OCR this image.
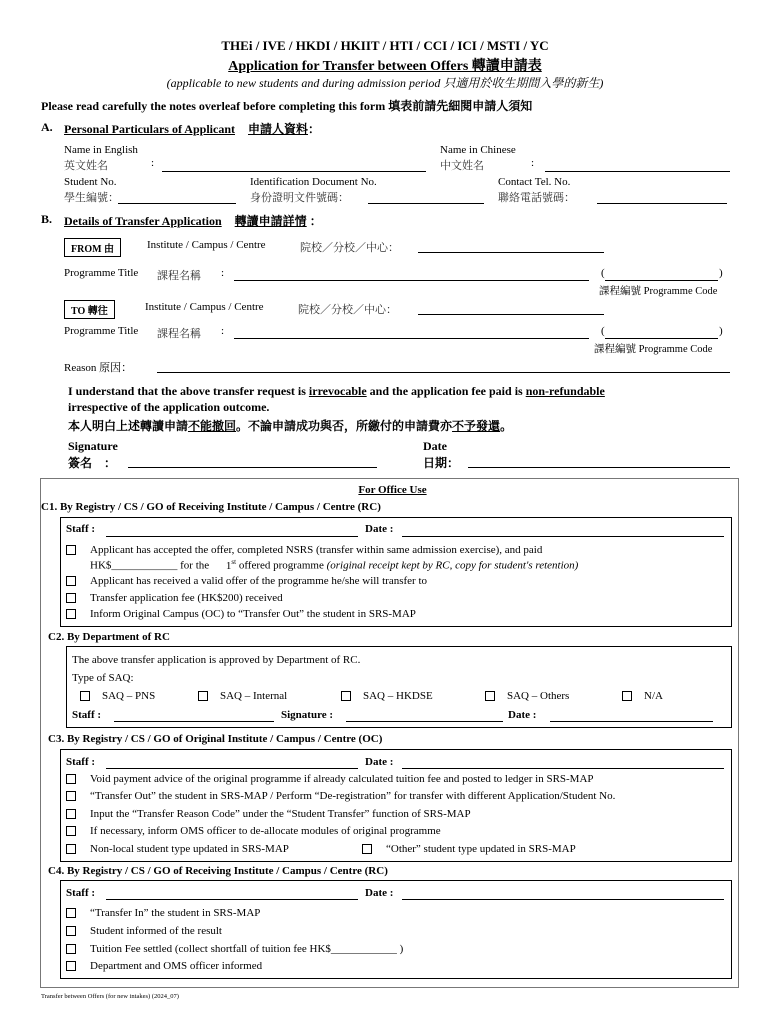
THEi / IVE / HKDI / HKIIT / HTI / CCI / ICI / MSTI / YC
Application for Transfer between Offers 轉讀申請表
(applicable to new students and during admission period 只適用於收生期間入學的新生)
Please read carefully the notes overleaf before completing this form 填表前請先細閱申請人須知
A. Personal Particulars of Applicant 申請人資料：
Name in English
英文姓名	:
Name in Chinese
中文姓名	:
Student No.
學生編號：
Identification Document No.
身份證明文件號碼：
Contact Tel. No.
聯絡電話號碼：
B. Details of Transfer Application 轉讀申請詳情 ：
FROM 由	Institute / Campus / Centre	院校／分校／中心：
Programme Title 課程名稱 :	(	)
課程編號 Programme Code
TO 轉往	Institute / Campus / Centre	院校／分校／中心：
Programme Title 課程名稱 :	(	)
課程編號 Programme Code
Reason 原因：
I understand that the above transfer request is irrevocable and the application fee paid is non-refundable
irrespective of the application outcome.
本人明白上述轉讀申請不能撤回。不論申請成功與否，所繳付的申請費亦不予發還。
Signature
簽名　：
Date
日期：
For Office Use
C1. By Registry / CS / GO of Receiving Institute / Campus / Centre (RC)
Staff :	Date :
Applicant has accepted the offer, completed NSRS (transfer within same admission exercise), and paid
HK$____________ for the 1st offered programme (original receipt kept by RC, copy for student's retention)
Applicant has received a valid offer of the programme he/she will transfer to
Transfer application fee (HK$200) received
Inform Original Campus (OC) to “Transfer Out” the student in SRS-MAP
C2. By Department of RC
The above transfer application is approved by Department of RC.
Type of SAQ:
SAQ – PNS	SAQ – Internal	SAQ – HKDSE	SAQ – Others	N/A
Staff :	Signature :	Date :
C3. By Registry / CS / GO of Original Institute / Campus / Centre (OC)
Staff :	Date :
Void payment advice of the original programme if already calculated tuition fee and posted to ledger in SRS-MAP
“Transfer Out” the student in SRS-MAP / Perform “De-registration” for transfer with different Application/Student No.
Input the “Transfer Reason Code” under the “Student Transfer” function of SRS-MAP
If necessary, inform OMS officer to de-allocate modules of original programme
Non-local student type updated in SRS-MAP	“Other” student type updated in SRS-MAP
C4. By Registry / CS / GO of Receiving Institute / Campus / Centre (RC)
Staff :	Date :
“Transfer In” the student in SRS-MAP
Student informed of the result
Tuition Fee settled (collect shortfall of tuition fee HK$____________ )
Department and OMS officer informed
Transfer between Offers (for new intakes) (2024_07)
